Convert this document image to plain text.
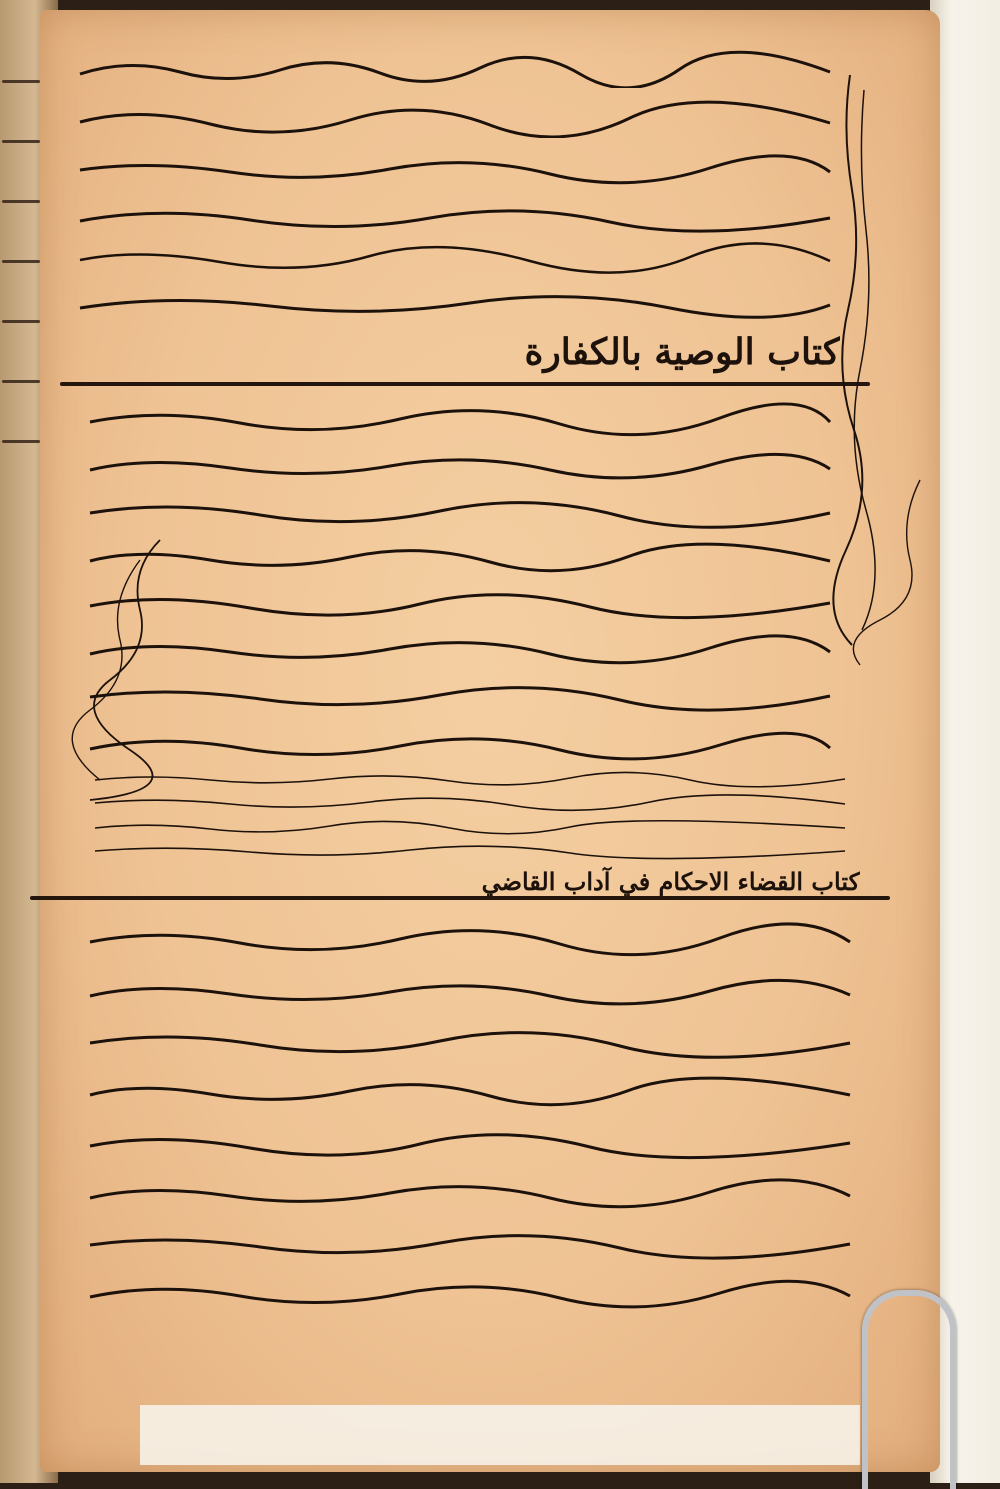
كتاب الوصية بالكفارة
كتاب القضاء الاحكام في آداب القاضي
